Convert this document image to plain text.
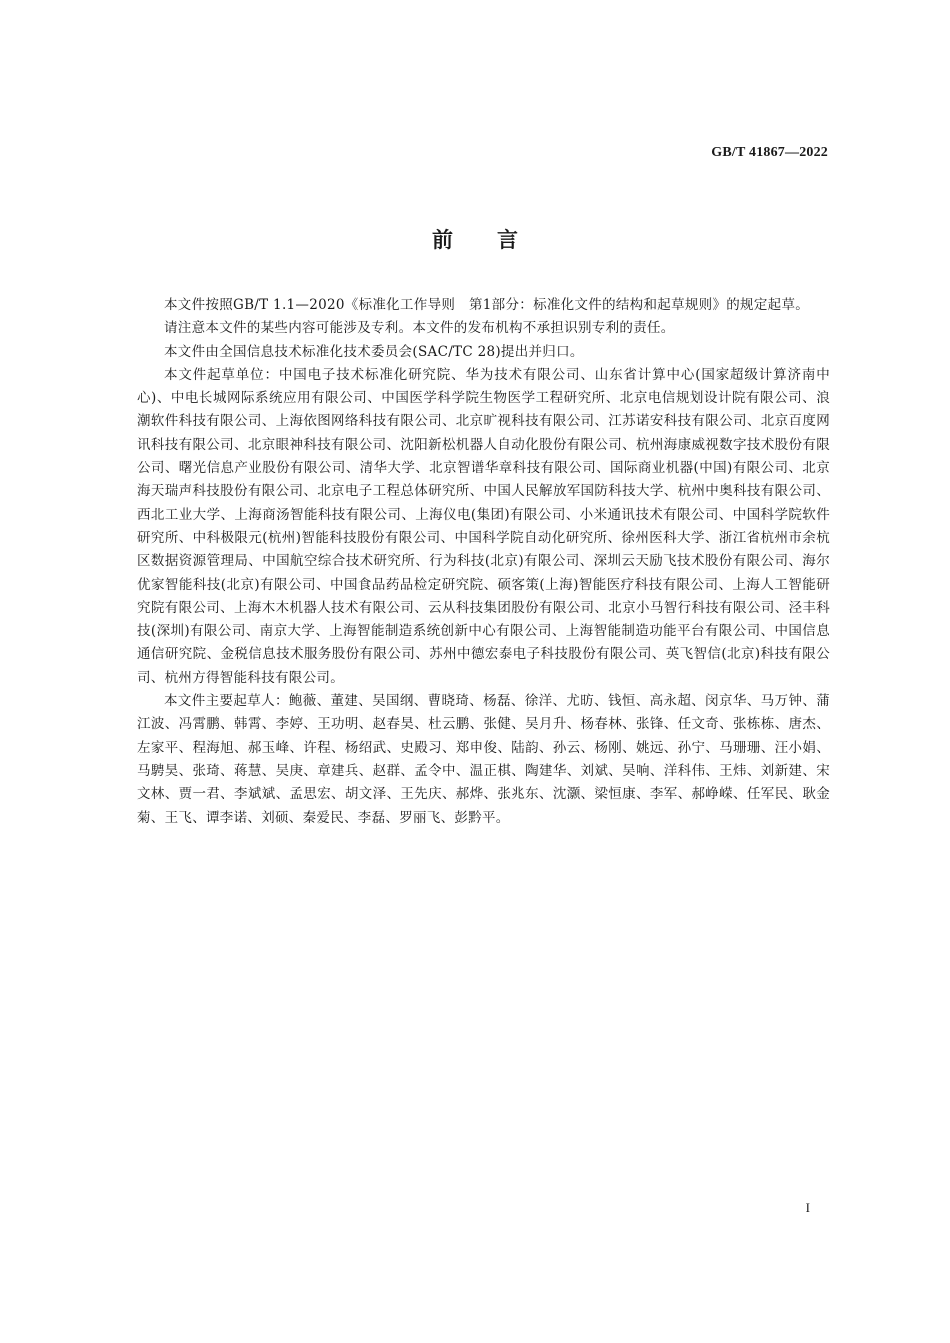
GB/T 41867—2022
前言

本文件按照GB/T 1.1—2020《标准化工作导则　第1部分：标准化文件的结构和起草规则》的规定起草。

请注意本文件的某些内容可能涉及专利。本文件的发布机构不承担识别专利的责任。

本文件由全国信息技术标准化技术委员会(SAC/TC 28)提出并归口。

本文件起草单位：中国电子技术标准化研究院、华为技术有限公司、山东省计算中心(国家超级计算济南中心)、中电长城网际系统应用有限公司、中国医学科学院生物医学工程研究所、北京电信规划设计院有限公司、浪潮软件科技有限公司、上海依图网络科技有限公司、北京旷视科技有限公司、江苏诺安科技有限公司、北京百度网讯科技有限公司、北京眼神科技有限公司、沈阳新松机器人自动化股份有限公司、杭州海康威视数字技术股份有限公司、曙光信息产业股份有限公司、清华大学、北京智谱华章科技有限公司、国际商业机器(中国)有限公司、北京海天瑞声科技股份有限公司、北京电子工程总体研究所、中国人民解放军国防科技大学、杭州中奥科技有限公司、西北工业大学、上海商汤智能科技有限公司、上海仪电(集团)有限公司、小米通讯技术有限公司、中国科学院软件研究所、中科极限元(杭州)智能科技股份有限公司、中国科学院自动化研究所、徐州医科大学、浙江省杭州市余杭区数据资源管理局、中国航空综合技术研究所、行为科技(北京)有限公司、深圳云天励飞技术股份有限公司、海尔优家智能科技(北京)有限公司、中国食品药品检定研究院、硕客策(上海)智能医疗科技有限公司、上海人工智能研究院有限公司、上海木木机器人技术有限公司、云从科技集团股份有限公司、北京小马智行科技有限公司、泾丰科技(深圳)有限公司、南京大学、上海智能制造系统创新中心有限公司、上海智能制造功能平台有限公司、中国信息通信研究院、金税信息技术服务股份有限公司、苏州中德宏泰电子科技股份有限公司、英飞智信(北京)科技有限公司、杭州方得智能科技有限公司。

本文件主要起草人：鲍薇、董建、吴国纲、曹晓琦、杨磊、徐洋、尤昉、钱恒、高永超、闵京华、马万钟、蒲江波、冯霄鹏、韩霄、李婷、王功明、赵春昊、杜云鹏、张健、吴月升、杨春林、张锋、任文奇、张栋栋、唐杰、左家平、程海旭、郝玉峰、许程、杨绍武、史殿习、郑申俊、陆韵、孙云、杨刚、姚远、孙宁、马珊珊、汪小娟、马騁昊、张琦、蒋慧、吴庚、章建兵、赵群、孟令中、温正棋、陶建华、刘斌、吴响、洋科伟、王炜、刘新建、宋文林、贾一君、李斌斌、孟思宏、胡文泽、王先庆、郝烨、张兆东、沈灏、梁恒康、李军、郝峥嵘、任军民、耿金菊、王飞、谭李诺、刘硕、秦爱民、李磊、罗丽飞、彭黔平。

I
